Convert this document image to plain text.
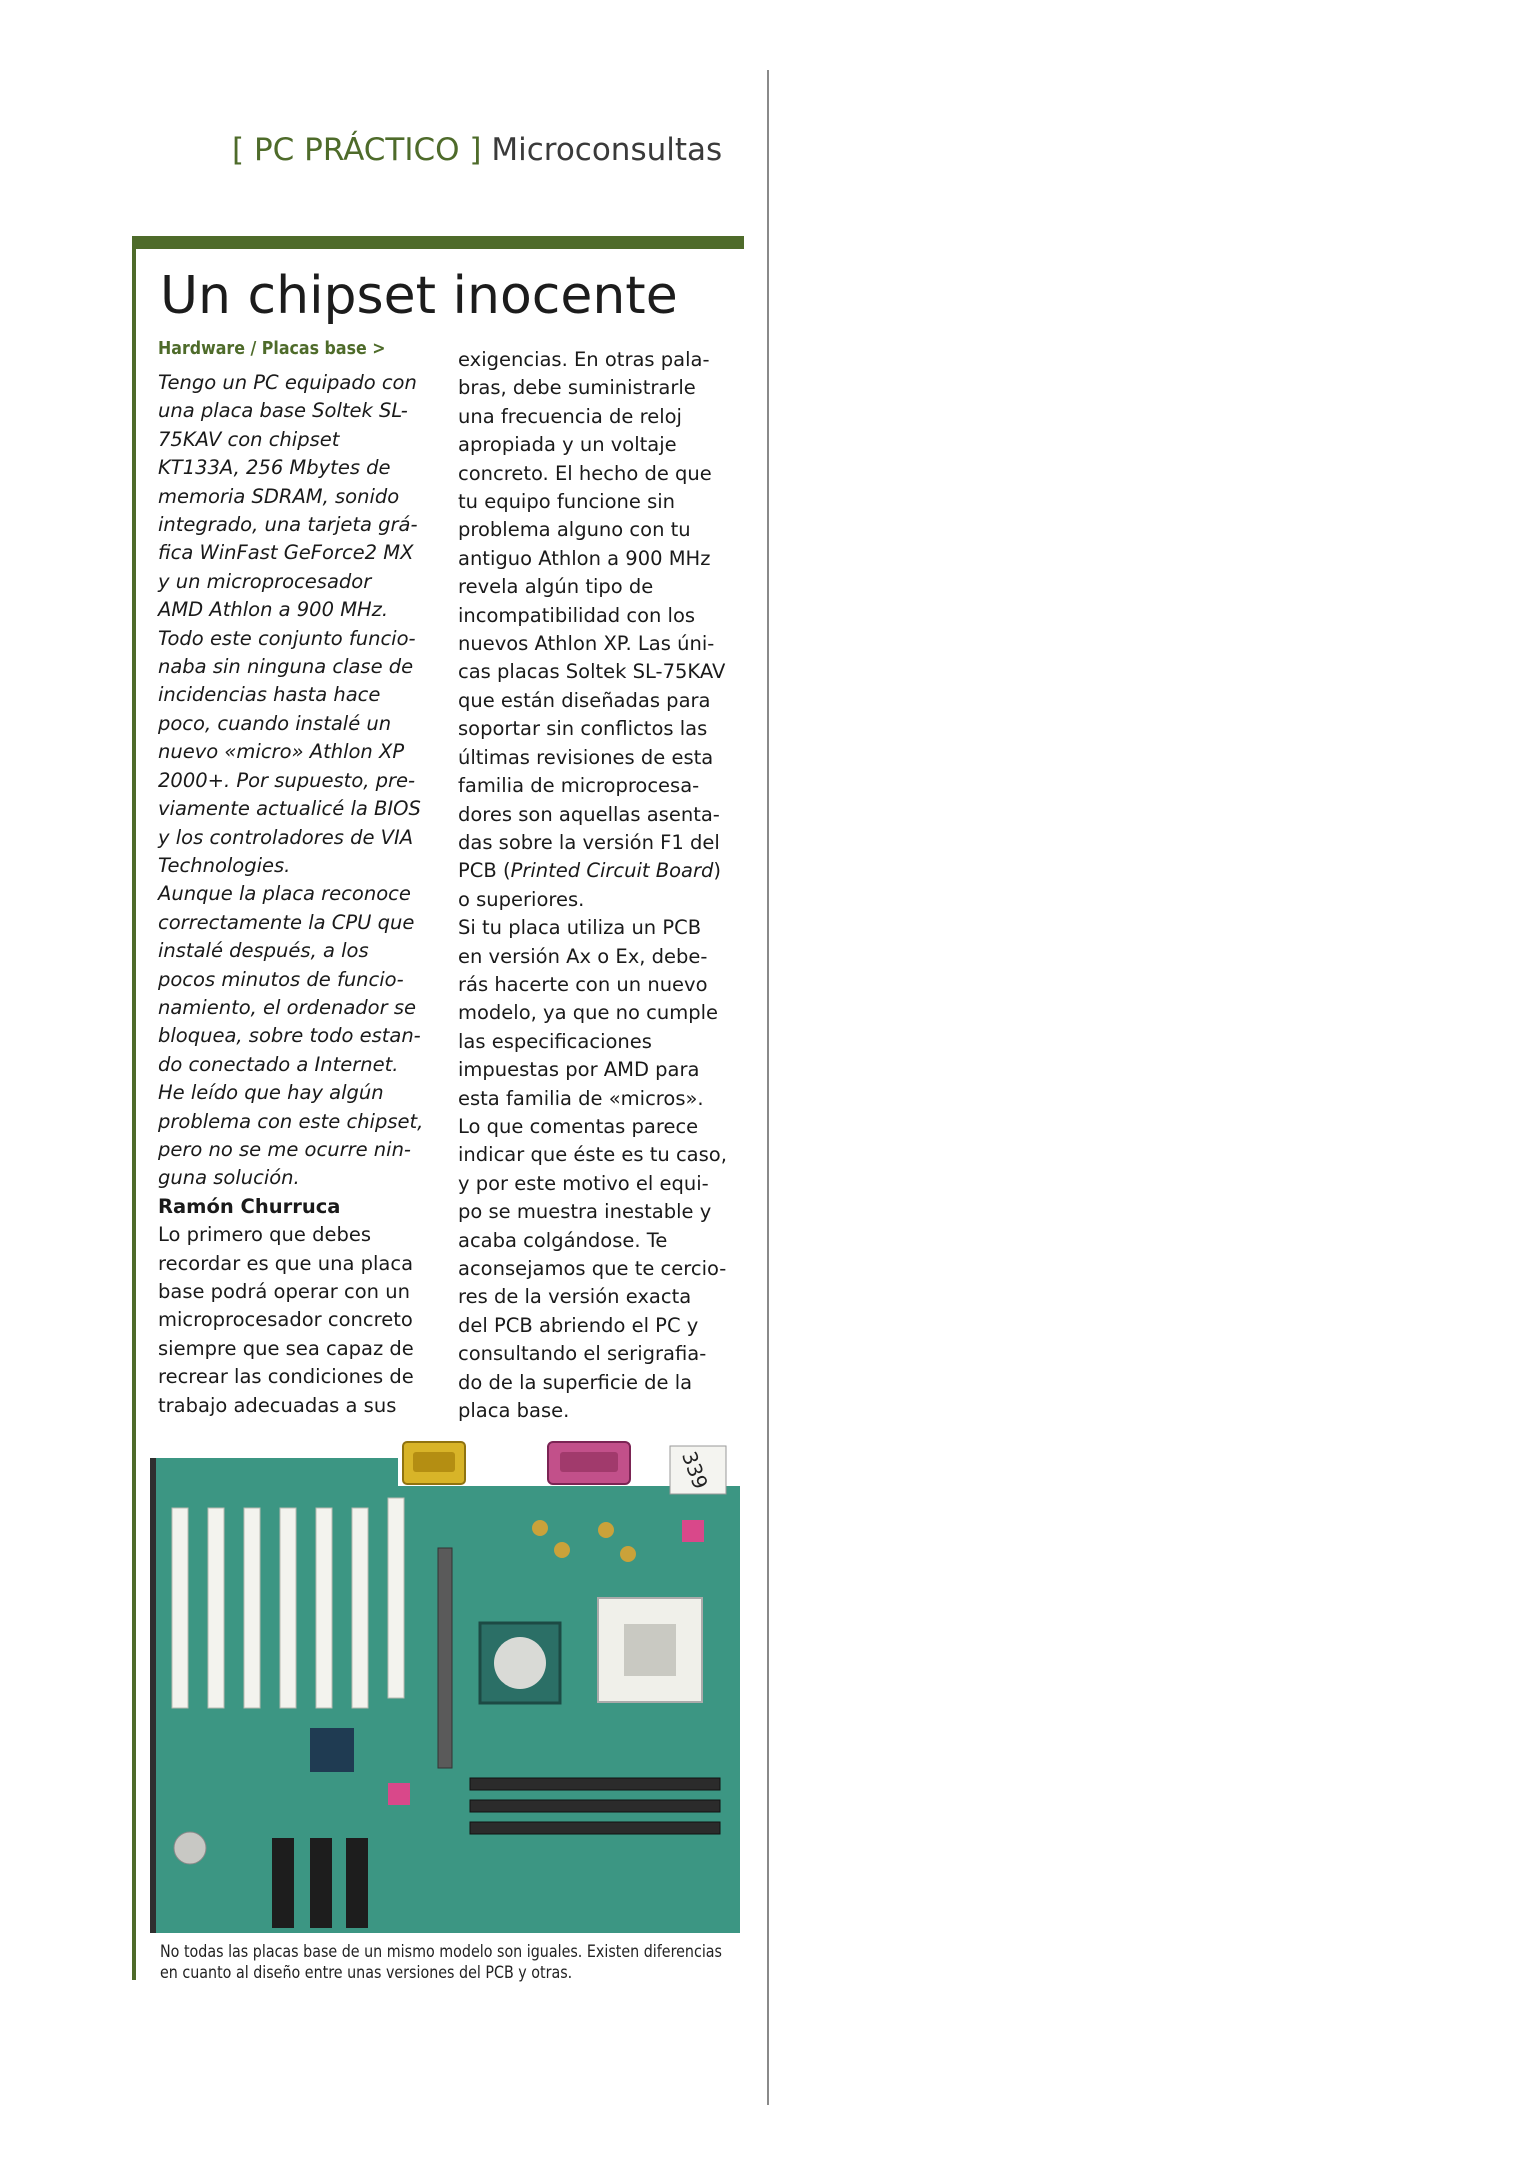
[ PC PRÁCTICO ] Microconsultas
Un chipset inocente
Hardware / Placas base >

Tengo un PC equipado con

una placa base Soltek SL-

75KAV con chipset

KT133A, 256 Mbytes de

memoria SDRAM, sonido

integrado, una tarjeta grá-

fica WinFast GeForce2 MX

y un microprocesador

AMD Athlon a 900 MHz.

Todo este conjunto funcio-

naba sin ninguna clase de

incidencias hasta hace

poco, cuando instalé un

nuevo «micro» Athlon XP

2000+. Por supuesto, pre-

viamente actualicé la BIOS

y los controladores de VIA

Technologies.

Aunque la placa reconoce

correctamente la CPU que

instalé después, a los

pocos minutos de funcio-

namiento, el ordenador se

bloquea, sobre todo estan-

do conectado a Internet.

He leído que hay algún

problema con este chipset,

pero no se me ocurre nin-

guna solución.

Ramón Churruca

Lo primero que debes

recordar es que una placa

base podrá operar con un

microprocesador concreto

siempre que sea capaz de

recrear las condiciones de

trabajo adecuadas a sus

exigencias. En otras pala-

bras, debe suministrarle

una frecuencia de reloj

apropiada y un voltaje

concreto. El hecho de que

tu equipo funcione sin

problema alguno con tu

antiguo Athlon a 900 MHz

revela algún tipo de

incompatibilidad con los

nuevos Athlon XP. Las úni-

cas placas Soltek SL-75KAV

que están diseñadas para

soportar sin conflictos las

últimas revisiones de esta

familia de microprocesa-

dores son aquellas asenta-

das sobre la versión F1 del

PCB (Printed Circuit Board)

o superiores.

Si tu placa utiliza un PCB

en versión Ax o Ex, debe-

rás hacerte con un nuevo

modelo, ya que no cumple

las especificaciones

impuestas por AMD para

esta familia de «micros».

Lo que comentas parece

indicar que éste es tu caso,

y por este motivo el equi-

po se muestra inestable y

acaba colgándose. Te

aconsejamos que te cercio-

res de la versión exacta

del PCB abriendo el PC y

consultando el serigrafia-

do de la superficie de la

placa base.

339

No todas las placas base de un mismo modelo son iguales. Existen diferencias

en cuanto al diseño entre unas versiones del PCB y otras.
